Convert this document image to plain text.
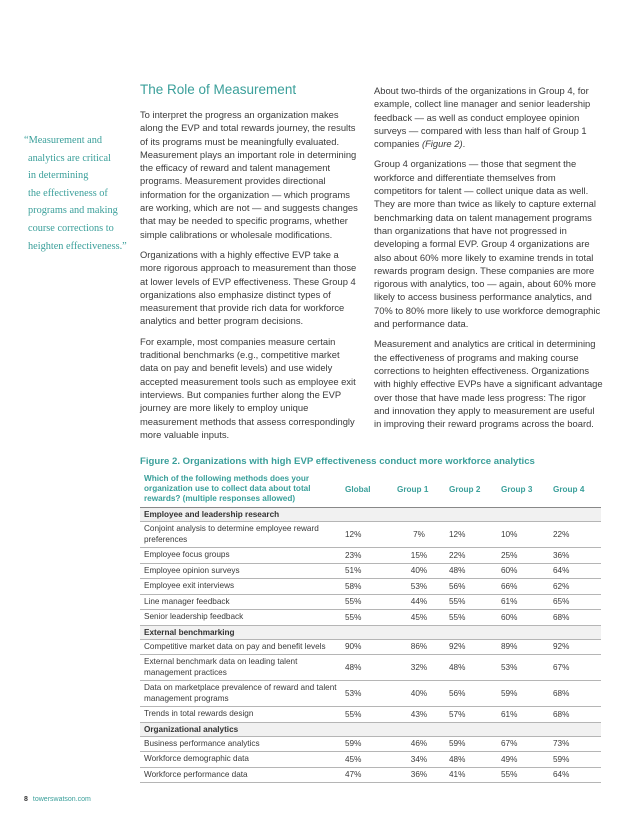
“Measurement and
analytics are critical
in determining
the effectiveness of
programs and making
course corrections to
heighten effectiveness.”
The Role of Measurement

To interpret the progress an organization makes along the EVP and total rewards journey, the results of its programs must be meaningfully evaluated. Measurement plays an important role in determining the efficacy of reward and talent management programs. Measurement provides directional information for the organization — which programs are working, which are not — and suggests changes that may be needed to specific programs, whether simple calibrations or wholesale modifications.

Organizations with a highly effective EVP take a more rigorous approach to measurement than those at lower levels of EVP effectiveness. These Group 4 organizations also emphasize distinct types of measurement that provide rich data for workforce analytics and better program decisions.

For example, most companies measure certain traditional benchmarks (e.g., competitive market data on pay and benefit levels) and use widely accepted measurement tools such as employee exit interviews. But companies further along the EVP journey are more likely to employ unique measurement methods that assess correspondingly more valuable inputs.

About two-thirds of the organizations in Group 4, for example, collect line manager and senior leadership feedback — as well as conduct employee opinion surveys — compared with less than half of Group 1 companies (Figure 2).

Group 4 organizations — those that segment the workforce and differentiate themselves from competitors for talent — collect unique data as well. They are more than twice as likely to capture external benchmarking data on talent management programs than organizations that have not progressed in developing a formal EVP. Group 4 organizations are also about 60% more likely to examine trends in total rewards program design. These companies are more rigorous with analytics, too — again, about 60% more likely to access business performance analytics, and 70% to 80% more likely to use workforce demographic and performance data.

Measurement and analytics are critical in determining the effectiveness of programs and making course corrections to heighten effectiveness. Organizations with highly effective EVPs have a significant advantage over those that have made less progress: The rigor and innovation they apply to measurement are useful in improving their reward programs across the board.

Figure 2. Organizations with high EVP effectiveness conduct more workforce analytics
Which of the following methods does your organization use to collect data about total rewards? (multiple responses allowed)	Global	Group 1	Group 2	Group 3	Group 4
Employee and leadership research					
Conjoint analysis to determine employee reward preferences	12%	7%	12%	10%	22%
Employee focus groups	23%	15%	22%	25%	36%
Employee opinion surveys	51%	40%	48%	60%	64%
Employee exit interviews	58%	53%	56%	66%	62%
Line manager feedback	55%	44%	55%	61%	65%
Senior leadership feedback	55%	45%	55%	60%	68%
External benchmarking					
Competitive market data on pay and benefit levels	90%	86%	92%	89%	92%
External benchmark data on leading talent management practices	48%	32%	48%	53%	67%
Data on marketplace prevalence of reward and talent management programs	53%	40%	56%	59%	68%
Trends in total rewards design	55%	43%	57%	61%	68%
Organizational analytics					
Business performance analytics	59%	46%	59%	67%	73%
Workforce demographic data	45%	34%	48%	49%	59%
Workforce performance data	47%	36%	41%	55%	64%
8 towerswatson.com
